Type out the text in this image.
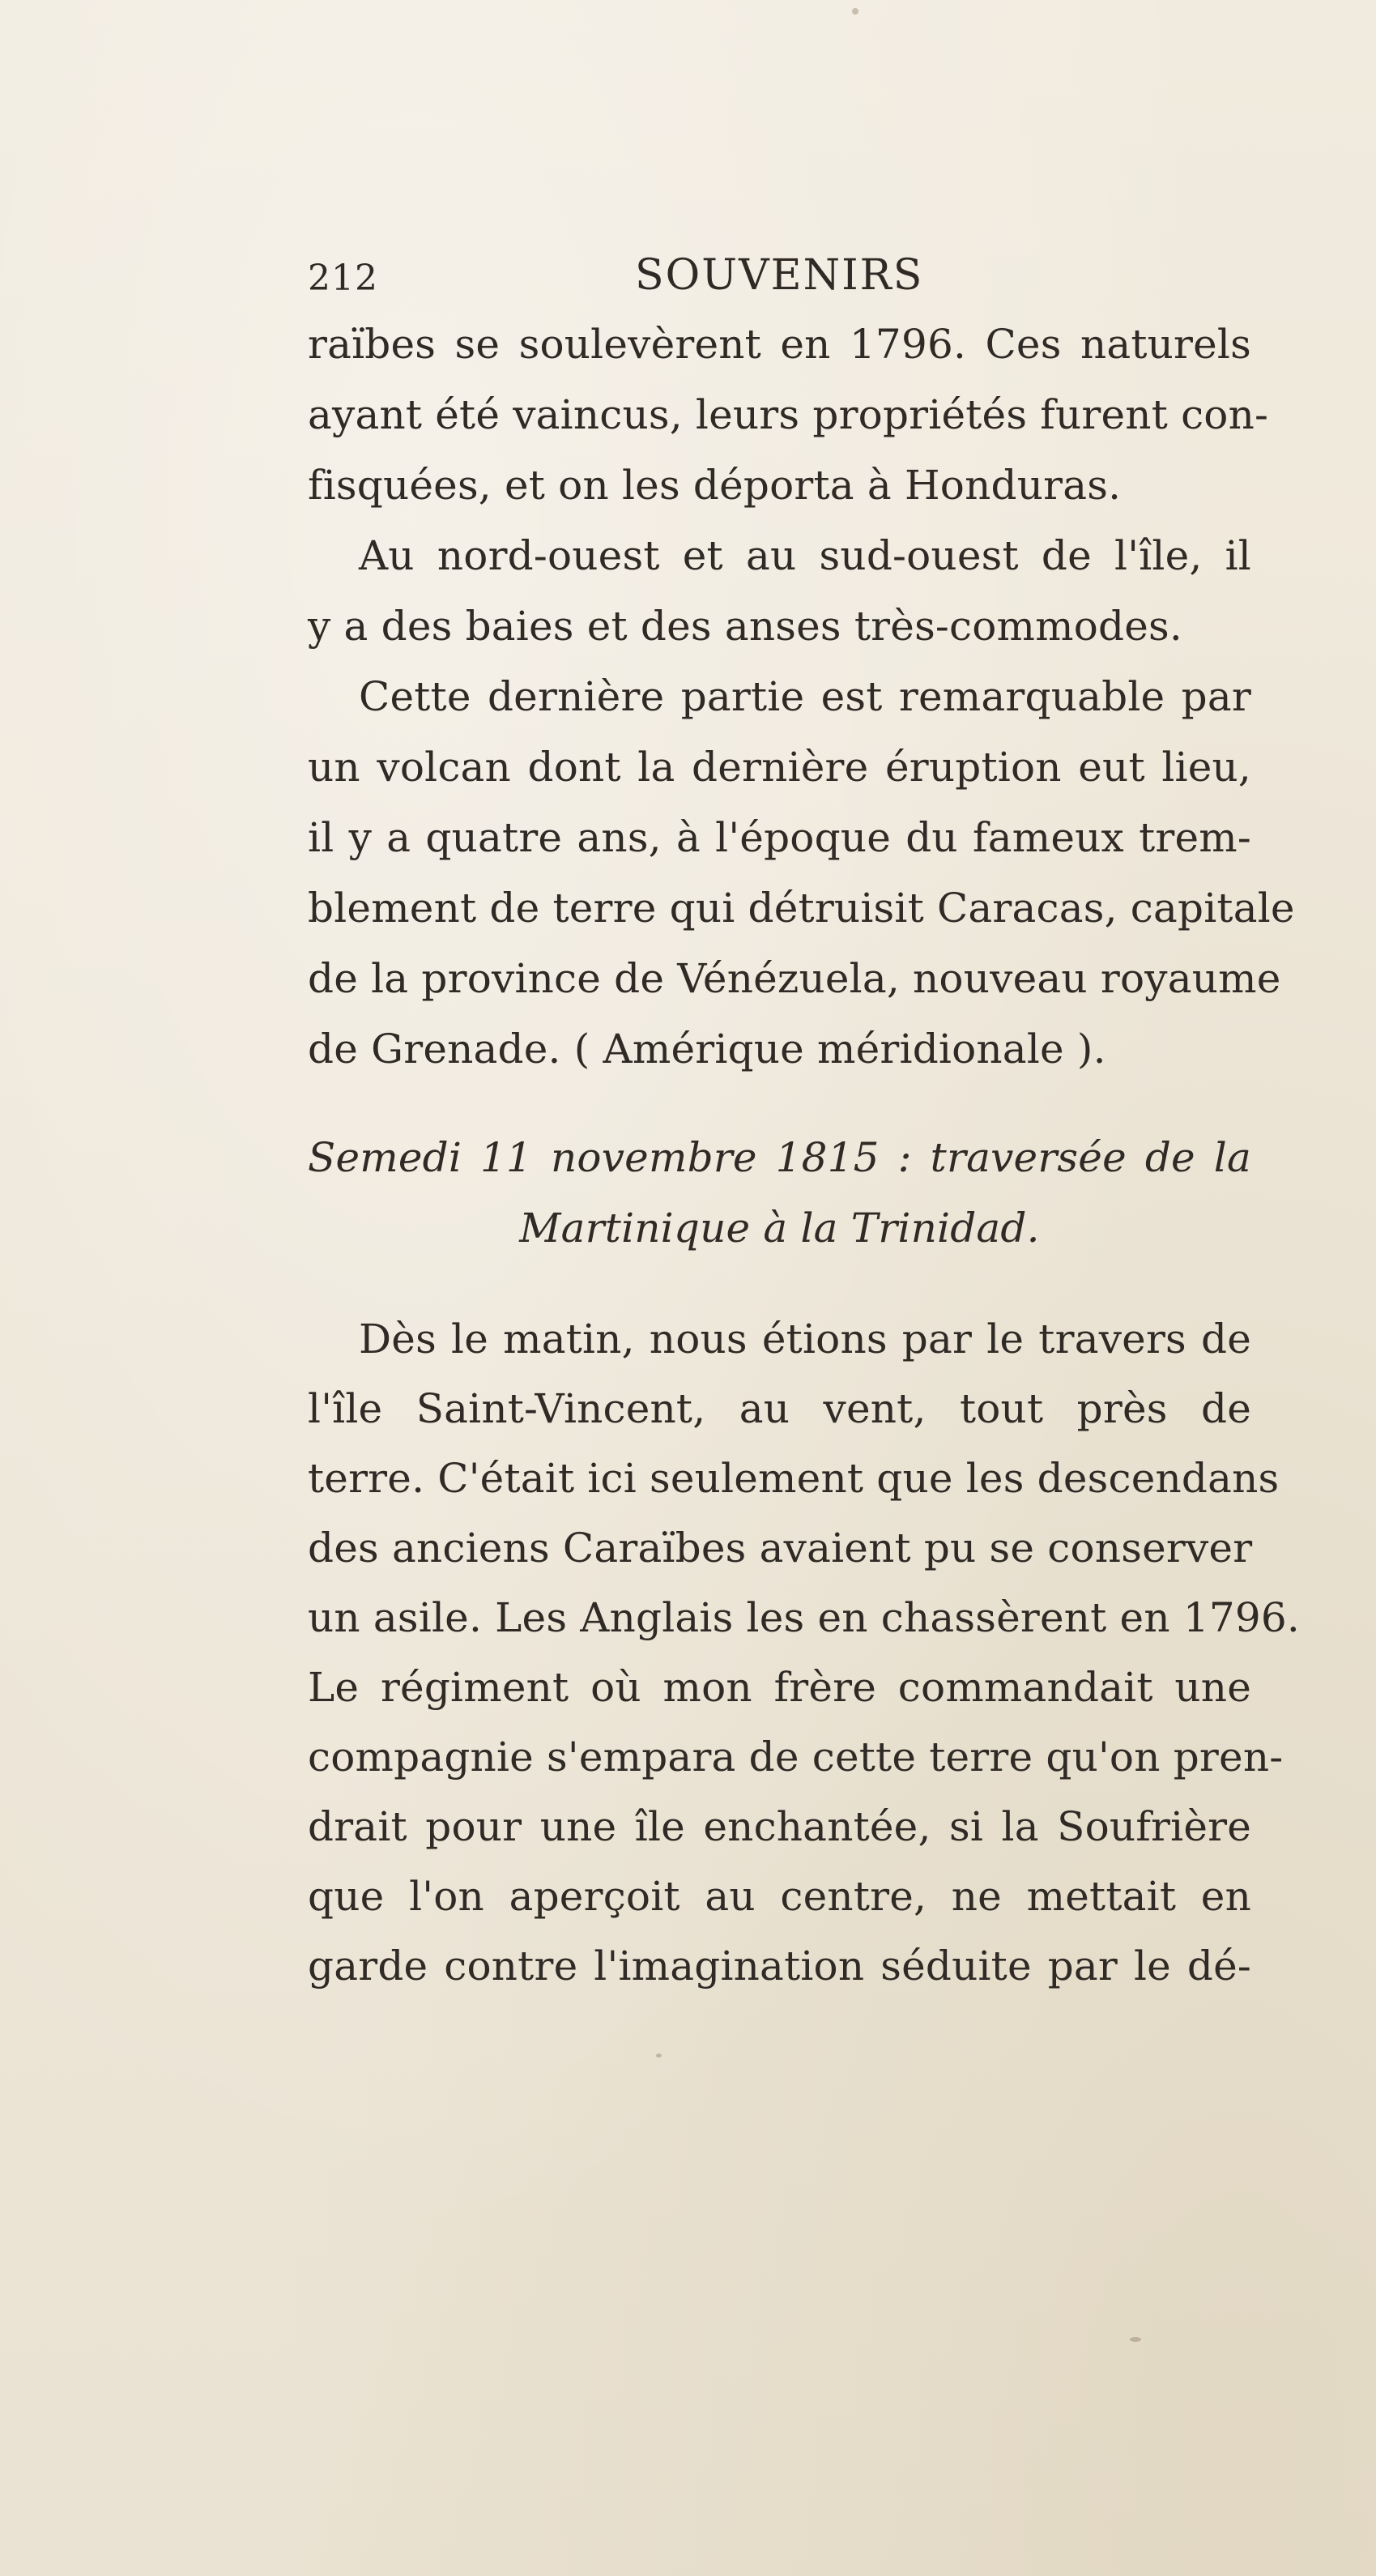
212	SOUVENIRS
raïbes se soulevèrent en 1796. Ces naturels
ayant été vaincus, leurs propriétés furent con-
fisquées, et on les déporta à Honduras.
Au nord-ouest et au sud-ouest de l'île, il
y a des baies et des anses très-commodes.
Cette dernière partie est remarquable par
un volcan dont la dernière éruption eut lieu,
il y a quatre ans, à l'époque du fameux trem-
blement de terre qui détruisit Caracas, capitale
de la province de Vénézuela, nouveau royaume
de Grenade. ( Amérique méridionale ).
Semedi 11 novembre 1815 : traversée de la
Martinique à la Trinidad.
Dès le matin, nous étions par le travers de
l'île Saint-Vincent, au vent, tout près de
terre. C'était ici seulement que les descendans
des anciens Caraïbes avaient pu se conserver
un asile. Les Anglais les en chassèrent en 1796.
Le régiment où mon frère commandait une
compagnie s'empara de cette terre qu'on pren-
drait pour une île enchantée, si la Soufrière
que l'on aperçoit au centre, ne mettait en
garde contre l'imagination séduite par le dé-
